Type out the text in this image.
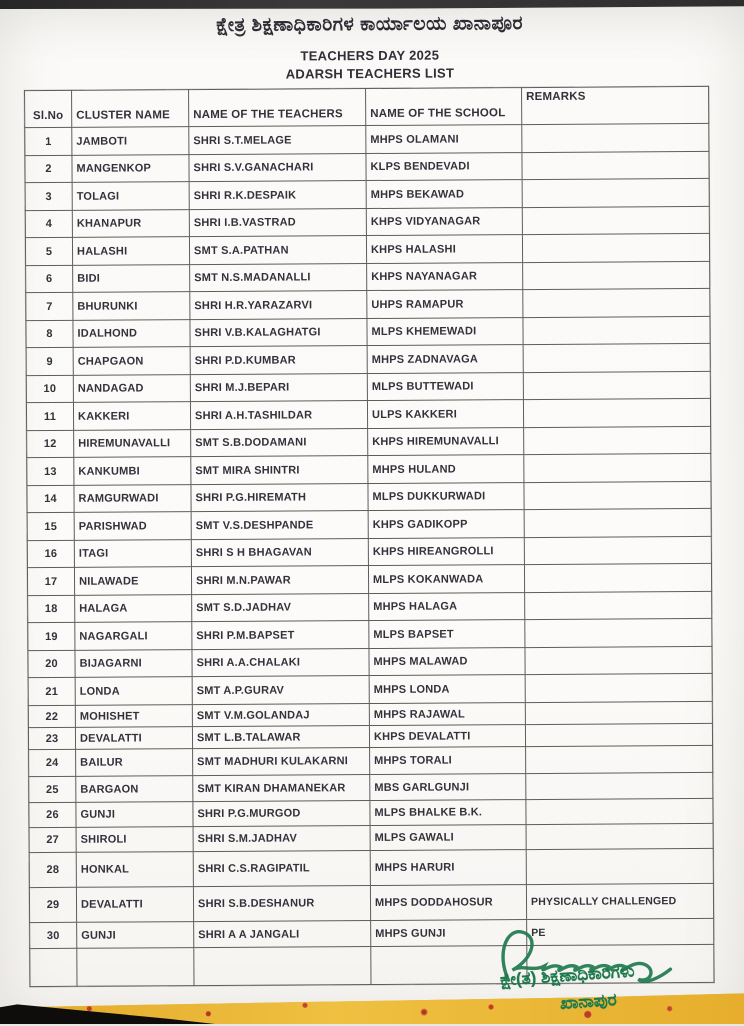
ಕ್ಷೇತ್ರ ಶಿಕ್ಷಣಾಧಿಕಾರಿಗಳ ಕಾರ್ಯಾಲಯ ಖಾನಾಪೂರ
TEACHERS DAY 2025
ADARSH TEACHERS LIST
Sl.No	CLUSTER NAME	NAME OF THE TEACHERS	NAME OF THE SCHOOL	REMARKS
1	JAMBOTI	SHRI S.T.MELAGE	MHPS OLAMANI	
2	MANGENKOP	SHRI S.V.GANACHARI	KLPS BENDEVADI	
3	TOLAGI	SHRI R.K.DESPAIK	MHPS BEKAWAD	
4	KHANAPUR	SHRI I.B.VASTRAD	KHPS VIDYANAGAR	
5	HALASHI	SMT S.A.PATHAN	KHPS HALASHI	
6	BIDI	SMT N.S.MADANALLI	KHPS NAYANAGAR	
7	BHURUNKI	SHRI H.R.YARAZARVI	UHPS RAMAPUR	
8	IDALHOND	SHRI V.B.KALAGHATGI	MLPS KHEMEWADI	
9	CHAPGAON	SHRI P.D.KUMBAR	MHPS ZADNAVAGA	
10	NANDAGAD	SHRI M.J.BEPARI	MLPS BUTTEWADI	
11	KAKKERI	SHRI A.H.TASHILDAR	ULPS KAKKERI	
12	HIREMUNAVALLI	SMT S.B.DODAMANI	KHPS HIREMUNAVALLI	
13	KANKUMBI	SMT MIRA SHINTRI	MHPS HULAND	
14	RAMGURWADI	SHRI P.G.HIREMATH	MLPS DUKKURWADI	
15	PARISHWAD	SMT V.S.DESHPANDE	KHPS GADIKOPP	
16	ITAGI	SHRI S H BHAGAVAN	KHPS HIREANGROLLI	
17	NILAWADE	SHRI M.N.PAWAR	MLPS KOKANWADA	
18	HALAGA	SMT S.D.JADHAV	MHPS HALAGA	
19	NAGARGALI	SHRI P.M.BAPSET	MLPS BAPSET	
20	BIJAGARNI	SHRI A.A.CHALAKI	MHPS MALAWAD	
21	LONDA	SMT A.P.GURAV	MHPS LONDA	
22	MOHISHET	SMT V.M.GOLANDAJ	MHPS RAJAWAL	
23	DEVALATTI	SMT L.B.TALAWAR	KHPS DEVALATTI	
24	BAILUR	SMT MADHURI KULAKARNI	MHPS TORALI	
25	BARGAON	SMT KIRAN DHAMANEKAR	MBS GARLGUNJI	
26	GUNJI	SHRI P.G.MURGOD	MLPS BHALKE B.K.	
27	SHIROLI	SHRI S.M.JADHAV	MLPS GAWALI	
28	HONKAL	SHRI C.S.RAGIPATIL	MHPS HARURI	
29	DEVALATTI	SHRI S.B.DESHANUR	MHPS DODDAHOSUR	PHYSICALLY CHALLENGED
30	GUNJI	SHRI A A JANGALI	MHPS GUNJI	PE

ಕ್ಷೇ(ತ) ಶಿಕ್ಷಣಾಧಿಕಾರಿಗಳು
ಖಾನಾಪುರ
